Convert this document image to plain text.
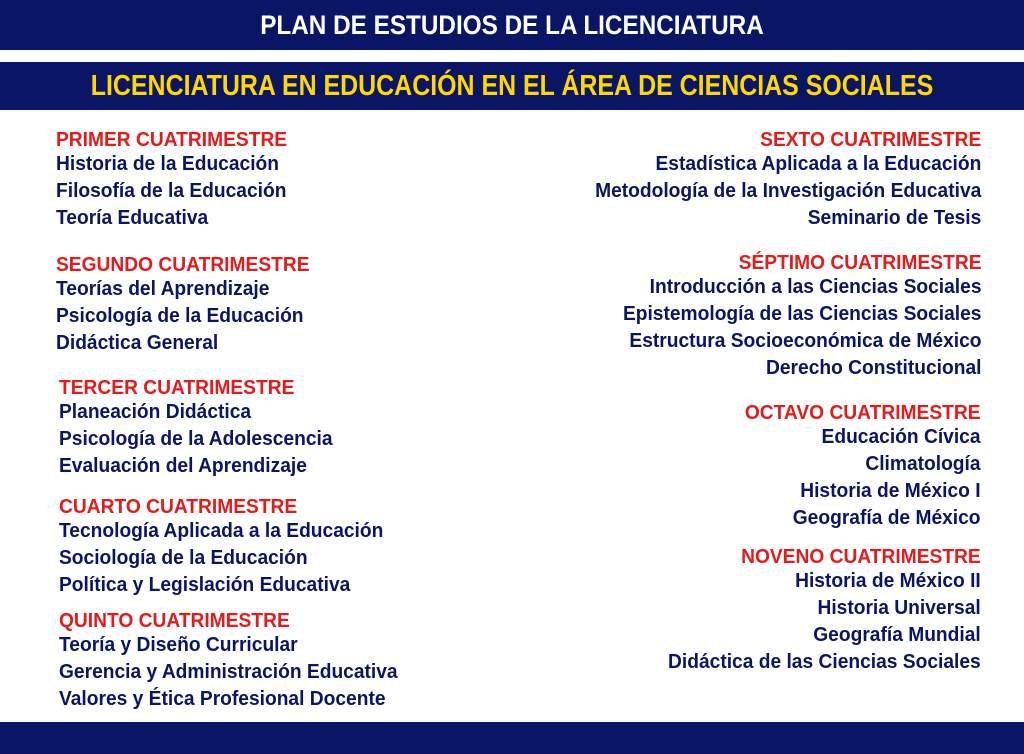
PLAN DE ESTUDIOS DE LA LICENCIATURA
LICENCIATURA EN EDUCACIÓN EN EL ÁREA DE CIENCIAS SOCIALES
PRIMER CUATRIMESTRE
Historia de la Educación
Filosofía de la Educación
Teoría Educativa
SEGUNDO CUATRIMESTRE
Teorías del Aprendizaje
Psicología de la Educación
Didáctica General
TERCER CUATRIMESTRE
Planeación Didáctica
Psicología de la Adolescencia
Evaluación del Aprendizaje
CUARTO CUATRIMESTRE
Tecnología Aplicada a la Educación
Sociología de la Educación
Política y Legislación Educativa
QUINTO CUATRIMESTRE
Teoría y Diseño Curricular
Gerencia y Administración Educativa
Valores y Ética Profesional Docente
SEXTO CUATRIMESTRE
Estadística Aplicada a la Educación
Metodología de la Investigación Educativa
Seminario de Tesis
SÉPTIMO CUATRIMESTRE
Introducción a las Ciencias Sociales
Epistemología de las Ciencias Sociales
Estructura Socioeconómica de México
Derecho Constitucional
OCTAVO CUATRIMESTRE
Educación Cívica
Climatología
Historia de México I
Geografía de México
NOVENO CUATRIMESTRE
Historia de México II
Historia Universal
Geografía Mundial
Didáctica de las Ciencias Sociales
